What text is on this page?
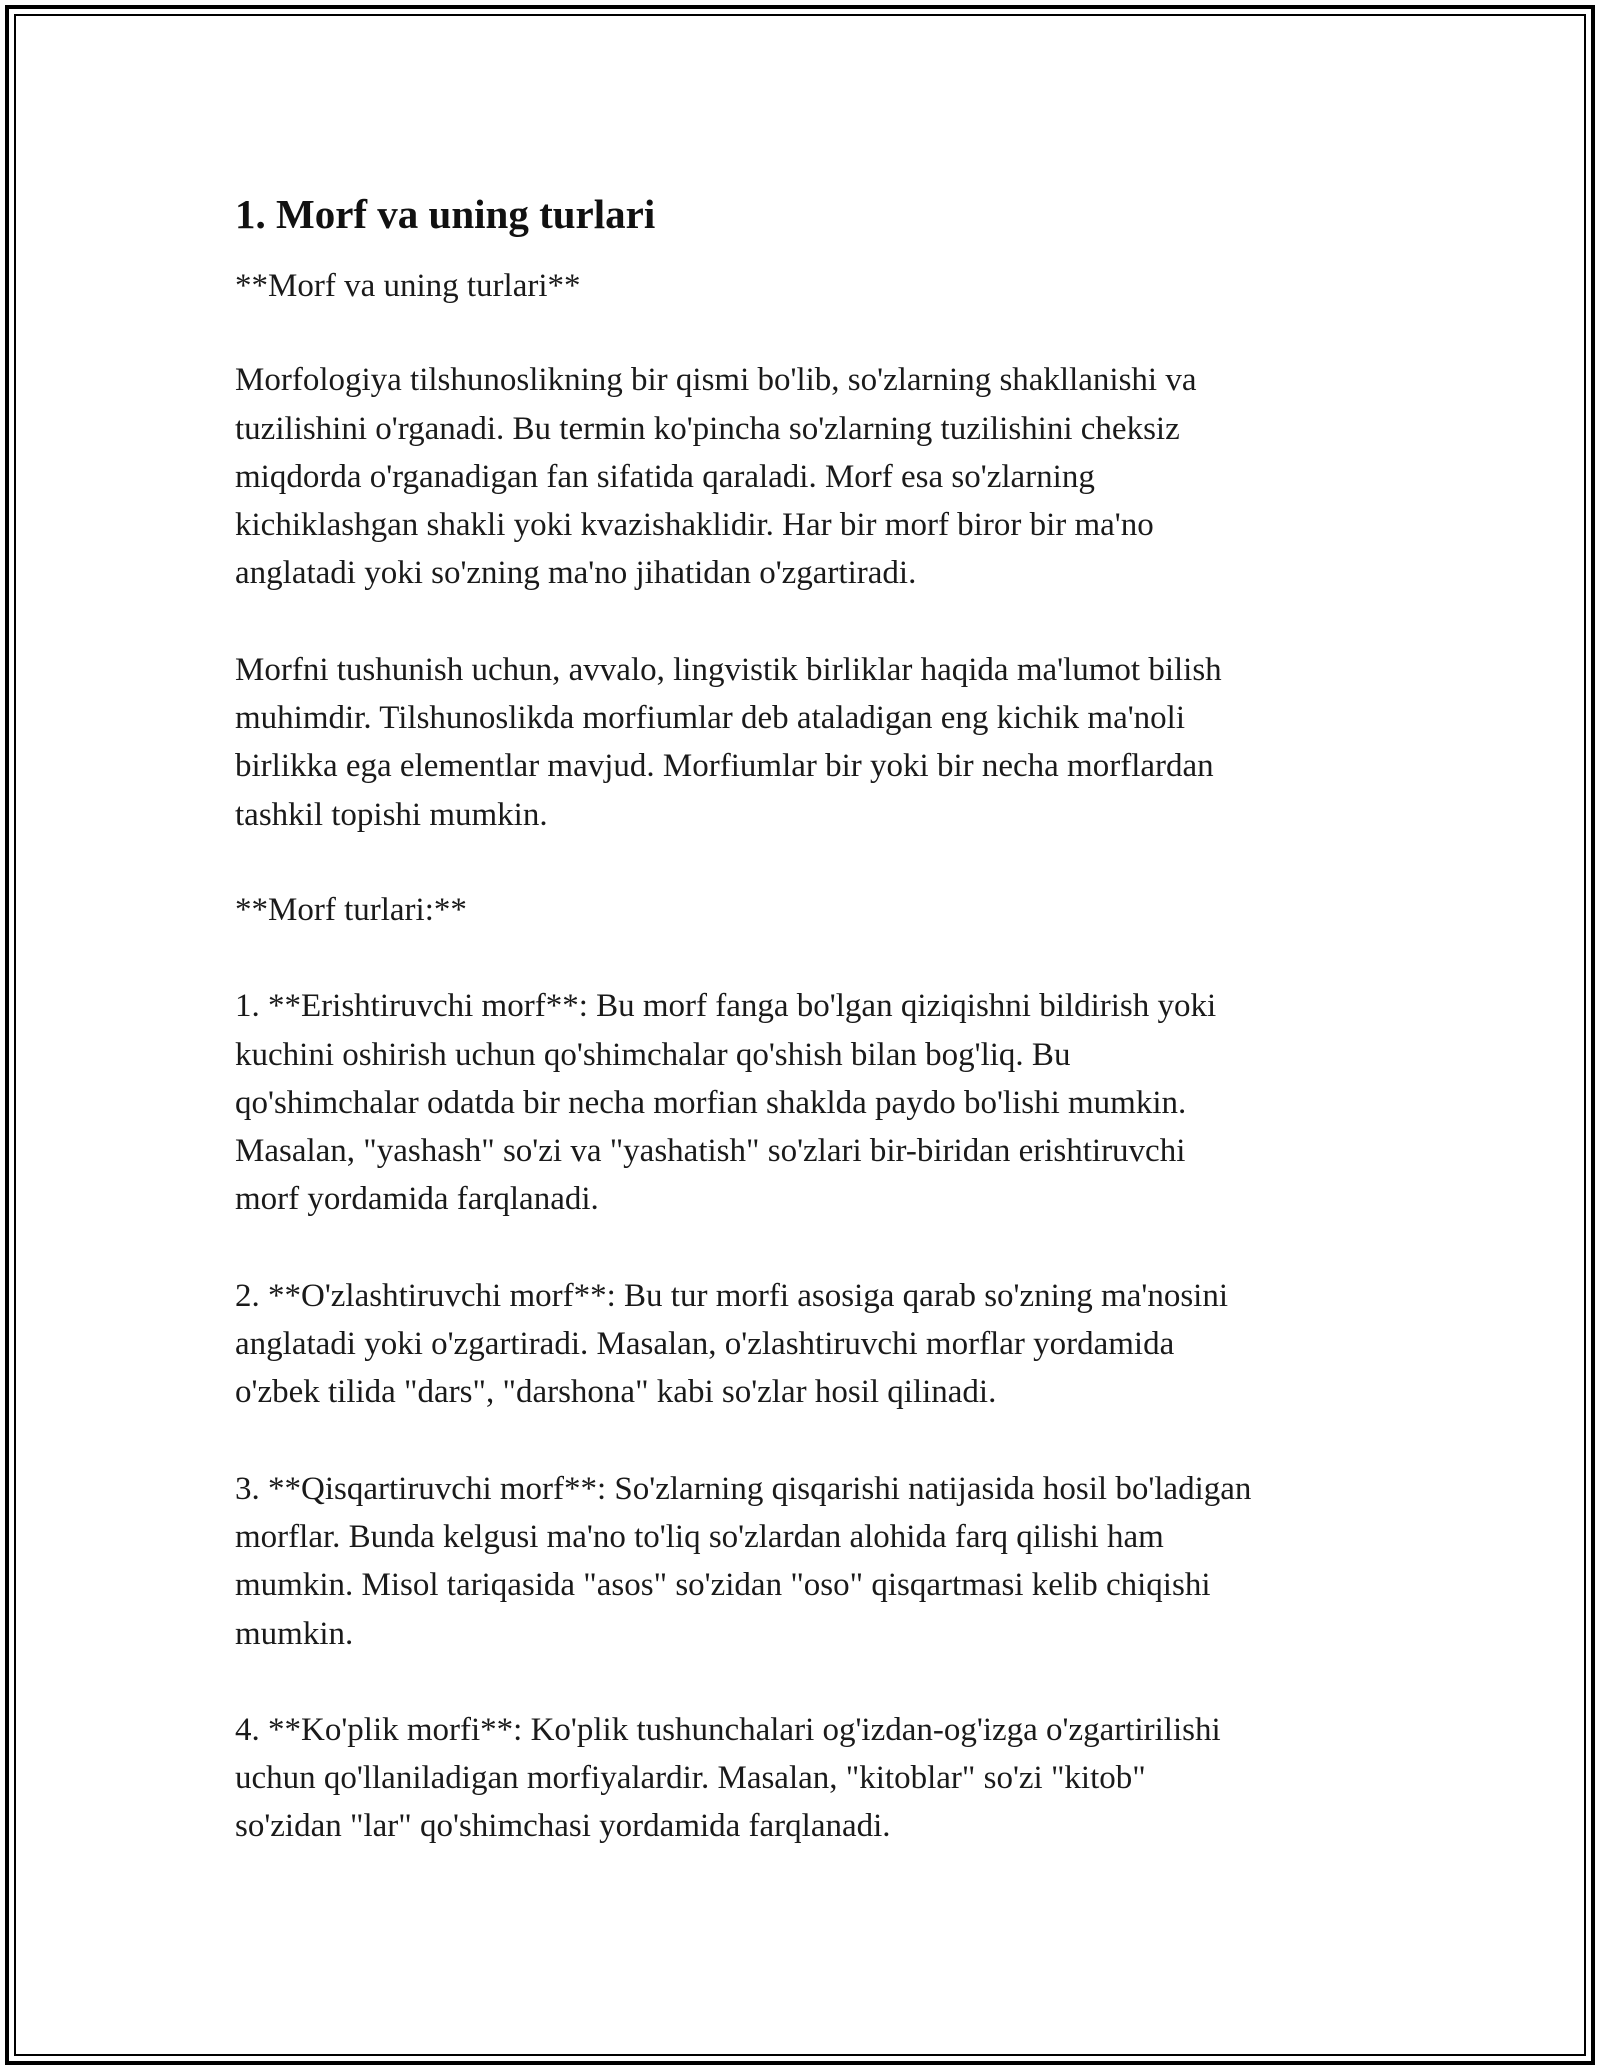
1. Morf va uning turlari

**Morf va uning turlari**

Morfologiya tilshunoslikning bir qismi bo'lib, so'zlarning shakllanishi va
tuzilishini o'rganadi. Bu termin ko'pincha so'zlarning tuzilishini cheksiz
miqdorda o'rganadigan fan sifatida qaraladi. Morf esa so'zlarning
kichiklashgan shakli yoki kvazishaklidir. Har bir morf biror bir ma'no
anglatadi yoki so'zning ma'no jihatidan o'zgartiradi.

Morfni tushunish uchun, avvalo, lingvistik birliklar haqida ma'lumot bilish
muhimdir. Tilshunoslikda morfiumlar deb ataladigan eng kichik ma'noli
birlikka ega elementlar mavjud. Morfiumlar bir yoki bir necha morflardan
tashkil topishi mumkin.

**Morf turlari:**

1. **Erishtiruvchi morf**: Bu morf fanga bo'lgan qiziqishni bildirish yoki
kuchini oshirish uchun qo'shimchalar qo'shish bilan bog'liq. Bu
qo'shimchalar odatda bir necha morfian shaklda paydo bo'lishi mumkin.
Masalan, "yashash" so'zi va "yashatish" so'zlari bir-biridan erishtiruvchi
morf yordamida farqlanadi.

2. **O'zlashtiruvchi morf**: Bu tur morfi asosiga qarab so'zning ma'nosini
anglatadi yoki o'zgartiradi. Masalan, o'zlashtiruvchi morflar yordamida
o'zbek tilida "dars", "darshona" kabi so'zlar hosil qilinadi.

3. **Qisqartiruvchi morf**: So'zlarning qisqarishi natijasida hosil bo'ladigan
morflar. Bunda kelgusi ma'no to'liq so'zlardan alohida farq qilishi ham
mumkin. Misol tariqasida "asos" so'zidan "oso" qisqartmasi kelib chiqishi
mumkin.

4. **Ko'plik morfi**: Ko'plik tushunchalari og'izdan-og'izga o'zgartirilishi
uchun qo'llaniladigan morfiyalardir. Masalan, "kitoblar" so'zi "kitob"
so'zidan "lar" qo'shimchasi yordamida farqlanadi.
